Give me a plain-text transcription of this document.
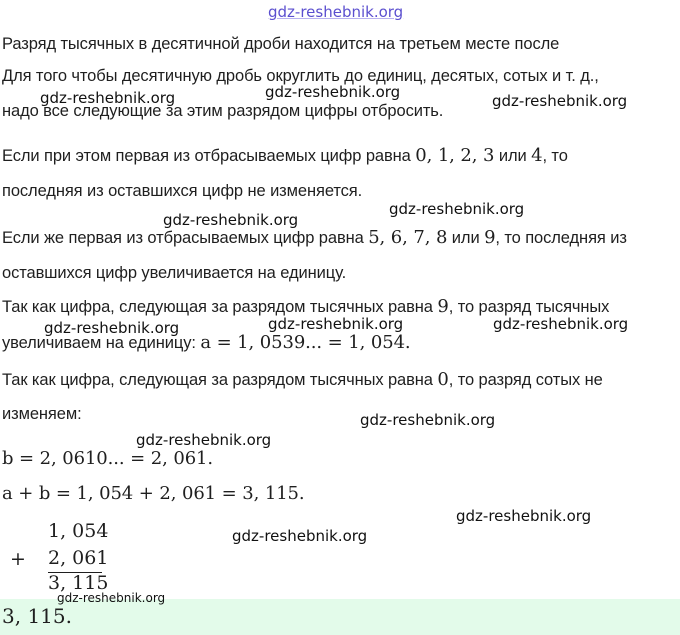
gdz-reshebnik.org
Разряд тысячных в десятичной дроби находится на третьем месте после
Для того чтобы десятичную дробь округлить до единиц, десятых, сотых и т. д.,
надо все следующие за этим разрядом цифры отбросить.
Если при этом первая из отбрасываемых цифр равна 0, 1, 2, 3 или 4, то
последняя из оставшихся цифр не изменяется.
Если же первая из отбрасываемых цифр равна 5, 6, 7, 8 или 9, то последняя из
оставшихся цифр увеличивается на единицу.
Так как цифра, следующая за разрядом тысячных равна 9, то разряд тысячных
увеличиваем на единицу: a = 1, 0539... = 1, 054.
Так как цифра, следующая за разрядом тысячных равна 0, то разряд сотых не
изменяем:
b = 2, 0610... = 2, 061.
a + b = 1, 054 + 2, 061 = 3, 115.
1, 054
+ 2, 061
3, 115
3, 115.
gdz-reshebnik.org	gdz-reshebnik.org	gdz-reshebnik.org
gdz-reshebnik.org
gdz-reshebnik.org
gdz-reshebnik.org	gdz-reshebnik.org	gdz-reshebnik.org
gdz-reshebnik.org
gdz-reshebnik.org
gdz-reshebnik.org
gdz-reshebnik.org
gdz-reshebnik.org
